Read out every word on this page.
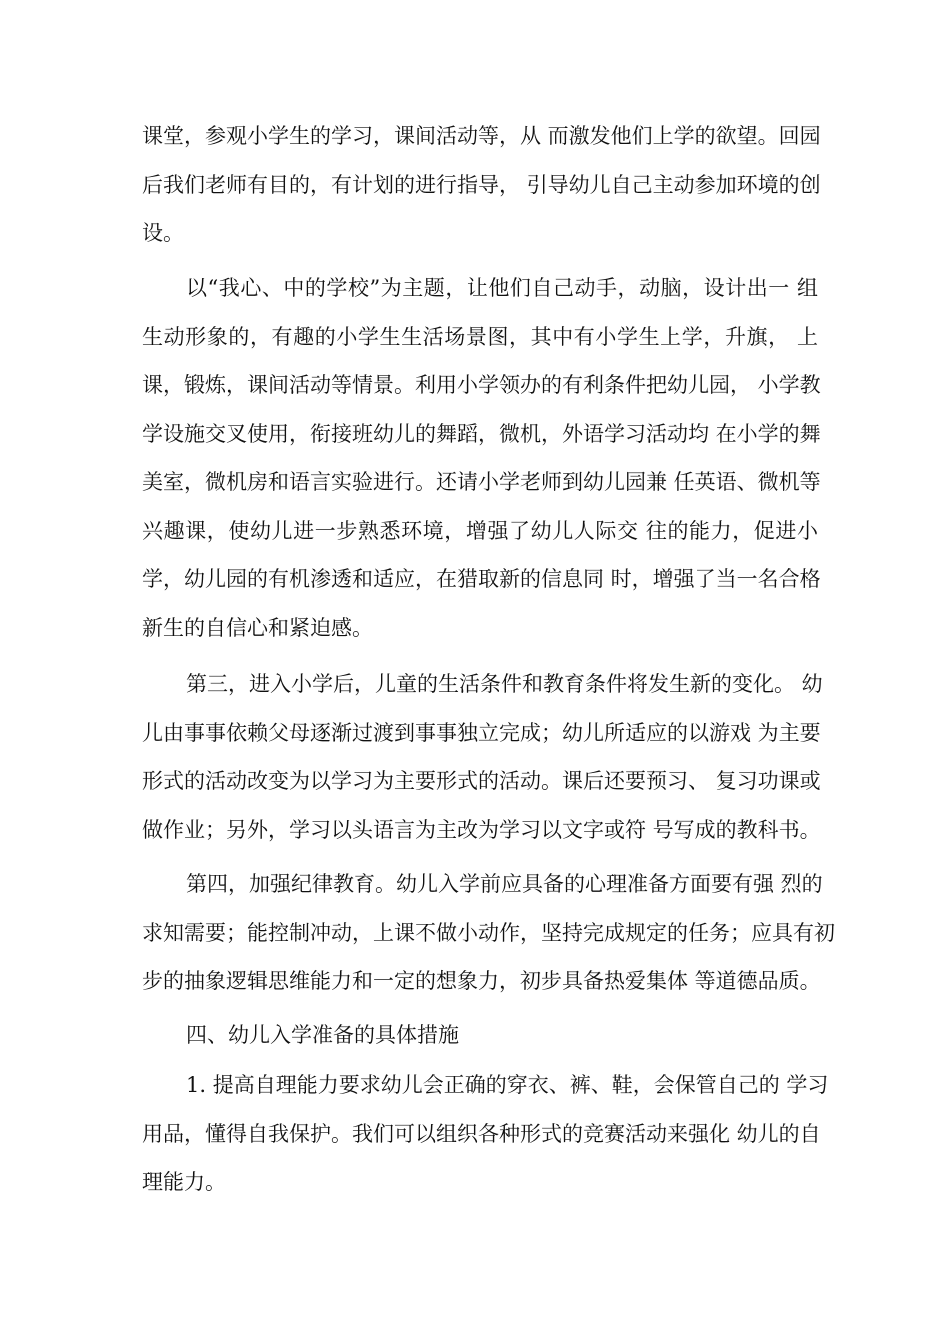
课堂，参观小学生的学习，课间活动等，从 而激发他们上学的欲望。回园
后我们老师有目的，有计划的进行指导， 引导幼儿自己主动参加环境的创
设。
以“我心、中的学校”为主题，让他们自己动手，动脑，设计出一 组
生动形象的，有趣的小学生生活场景图，其中有小学生上学，升旗， 上
课，锻炼，课间活动等情景。利用小学领办的有利条件把幼儿园， 小学教
学设施交叉使用，衔接班幼儿的舞蹈，微机，外语学习活动均 在小学的舞
美室，微机房和语言实验进行。还请小学老师到幼儿园兼 任英语、微机等
兴趣课，使幼儿进一步熟悉环境，增强了幼儿人际交 往的能力，促进小
学，幼儿园的有机渗透和适应，在猎取新的信息同 时，增强了当一名合格
新生的自信心和紧迫感。
第三，进入小学后，儿童的生活条件和教育条件将发生新的变化。 幼
儿由事事依赖父母逐渐过渡到事事独立完成；幼儿所适应的以游戏 为主要
形式的活动改变为以学习为主要形式的活动。课后还要预习、 复习功课或
做作业；另外，学习以头语言为主改为学习以文字或符 号写成的教科书。
第四，加强纪律教育。幼儿入学前应具备的心理准备方面要有强 烈的
求知需要；能控制冲动，上课不做小动作，坚持完成规定的任务；应具有初
步的抽象逻辑思维能力和一定的想象力，初步具备热爱集体 等道德品质。
四、幼儿入学准备的具体措施
1. 提高自理能力要求幼儿会正确的穿衣、裤、鞋，会保管自己的 学习
用品，懂得自我保护。我们可以组织各种形式的竞赛活动来强化 幼儿的自
理能力。
